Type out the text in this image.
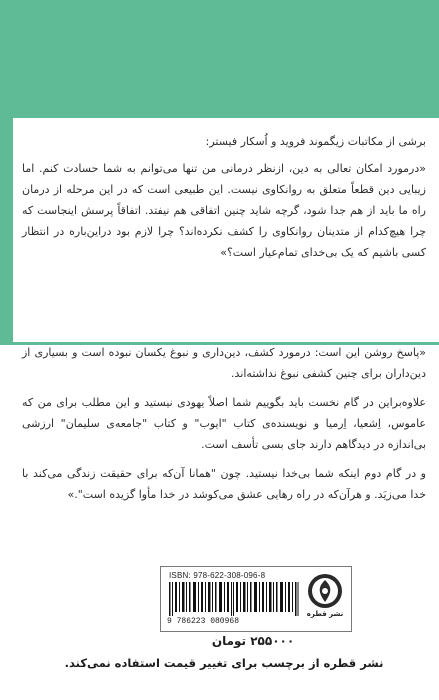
برشی از مکاتبات زیگموند فروید و اُسکار فیستر:

«درمورد امکان تعالی به دین، ازنظر درمانی من تنها می‌توانم به شما حسادت کنم. اما زیبایی دین قطعاً متعلق به روانکاوی نیست. این طبیعی است که در این مرحله از درمان راه ما باید از هم جدا شود، گرچه شاید چنین اتفاقی هم نیفتد. اتفاقاً پرسش اینجاست که چرا هیچ‌کدام از متدینان روانکاوی را کشف نکرده‌اند؟ چرا لازم بود دراین‌باره در انتظار کسی باشیم که یک بی‌خدای تمام‌عیار است؟»

«پاسخ روشن این است: درمورد کشف، دین‌داری و نبوغ یکسان نبوده است و بسیاری از دین‌داران برای چنین کشفی نبوغ نداشته‌اند.

علاوه‌براین در گام نخست باید بگوییم شما اصلاً یهودی نیستید و این مطلب برای من که عاموس، اِشعیا، اِرمیا و نویسنده‌ی کتاب "ایوب" و کتاب "جامعه‌ی سلیمان" ارزشی بی‌اندازه در دیدگاهم دارند جای بسی تأسف است.

و در گام دوم اینکه شما بی‌خدا نیستید. چون "همانا آن‌که برای حقیقت زندگی می‌کند با خدا می‌زیَد. و هرآن‌که در راه رهایی عشق می‌کوشد در خدا مأوا گزیده است".»

ISBN: 978-622-308-096-8
9 786223 080968
نشر قطره
۲۵۵۰۰۰ تومان
نشر قطره از برچسب برای تغییر قیمت استفاده نمی‌کند.
